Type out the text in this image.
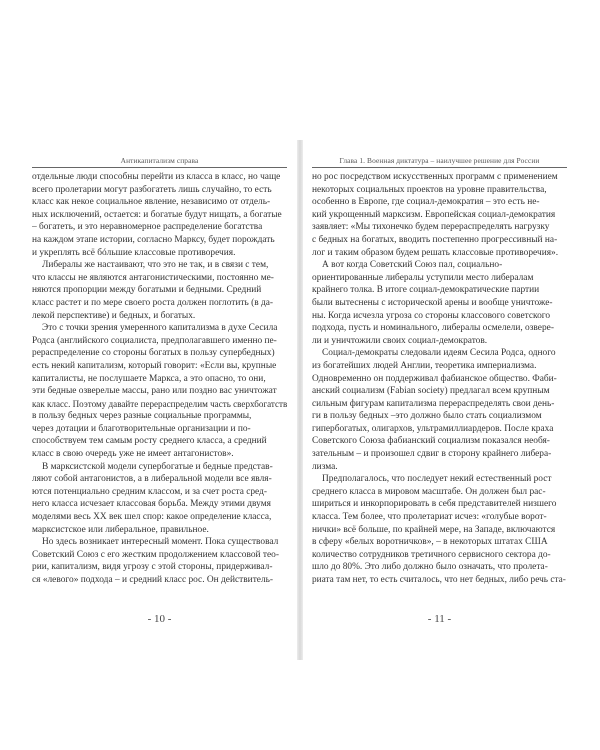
Антикапитализм справа
отдельные люди способны перейти из класса в класс, но чаще
всего пролетарии могут разбогатеть лишь случайно, то есть
класс как некое социальное явление, независимо от отдель-
ных исключений, остается: и богатые будут нищать, а богатые
– богатеть, и это неравномерное распределение богатства
на каждом этапе истории, согласно Марксу, будет порождать
и укреплять всё бóльшие классовые противоречия.
Либералы же настаивают, что это не так, и в связи с тем,
что классы не являются антагонистическими, постоянно ме-
няются пропорции между богатыми и бедными. Средний
класс растет и по мере своего роста должен поглотить (в да-
лекой перспективе) и бедных, и богатых.
Это с точки зрения умеренного капитализма в духе Сесила
Родса (английского социалиста, предполагавшего именно пе-
рераспределение со стороны богатых в пользу супербедных)
есть некий капитализм, который говорит: «Если вы, крупные
капиталисты, не послушаете Маркса, а это опасно, то они,
эти бедные озверелые массы, рано или поздно вас уничтожат
как класс. Поэтому давайте перераспределим часть сверхбогатств
в пользу бедных через разные социальные программы,
через дотации и благотворительные организации и по-
способствуем тем самым росту среднего класса, а средний
класс в свою очередь уже не имеет антагонистов».
В марксистской модели супербогатые и бедные представ-
ляют собой антагонистов, а в либеральной модели все явля-
ются потенциально средним классом, и за счет роста сред-
него класса исчезает классовая борьба. Между этими двумя
моделями весь XX век шел спор: какое определение класса,
марксистское или либеральное, правильное.
Но здесь возникает интересный момент. Пока существовал
Советский Союз с его жестким продолжением классовой тео-
рии, капитализм, видя угрозу с этой стороны, придерживал-
ся «левого» подхода – и средний класс рос. Он действитель-
- 10 -
Глава 1. Военная диктатура – наилучшее решение для России
но рос посредством искусственных программ с применением
некоторых социальных проектов на уровне правительства,
особенно в Европе, где социал-демократия – это есть не-
кий укрощенный марксизм. Европейская социал-демократия
заявляет: «Мы тихонечко будем перераспределять нагрузку
с бедных на богатых, вводить постепенно прогрессивный на-
лог и таким образом будем решать классовые противоречия».
А вот когда Советский Союз пал, социально-
ориентированные либералы уступили место либералам
крайнего толка. В итоге социал-демократические партии
были вытеснены с исторической арены и вообще уничтоже-
ны. Когда исчезла угроза со стороны классового советского
подхода, пусть и номинального, либералы осмелели, озвере-
ли и уничтожили своих социал-демократов.
Социал-демократы следовали идеям Сесила Родса, одного
из богатейших людей Англии, теоретика империализма.
Одновременно он поддерживал фабианское общество. Фаби-
анский социализм (Fabian society) предлагал всем крупным
сильным фигурам капитализма перераспределять свои день-
ги в пользу бедных –это должно было стать социализмом
гипербогатых, олигархов, ультрамиллиардеров. После краха
Советского Союза фабианский социализм показался необя-
зательным – и произошел сдвиг в сторону крайнего либера-
лизма.
Предполагалось, что последует некий естественный рост
среднего класса в мировом масштабе. Он должен был рас-
шириться и инкорпорировать в себя представителей низшего
класса. Тем более, что пролетариат исчез: «голубые ворот-
нички» всё больше, по крайней мере, на Западе, включаются
в сферу «белых воротничков», – в некоторых штатах США
количество сотрудников третичного сервисного сектора до-
шло до 80%. Это либо должно было означать, что пролета-
риата там нет, то есть считалось, что нет бедных, либо речь ста-
- 11 -
